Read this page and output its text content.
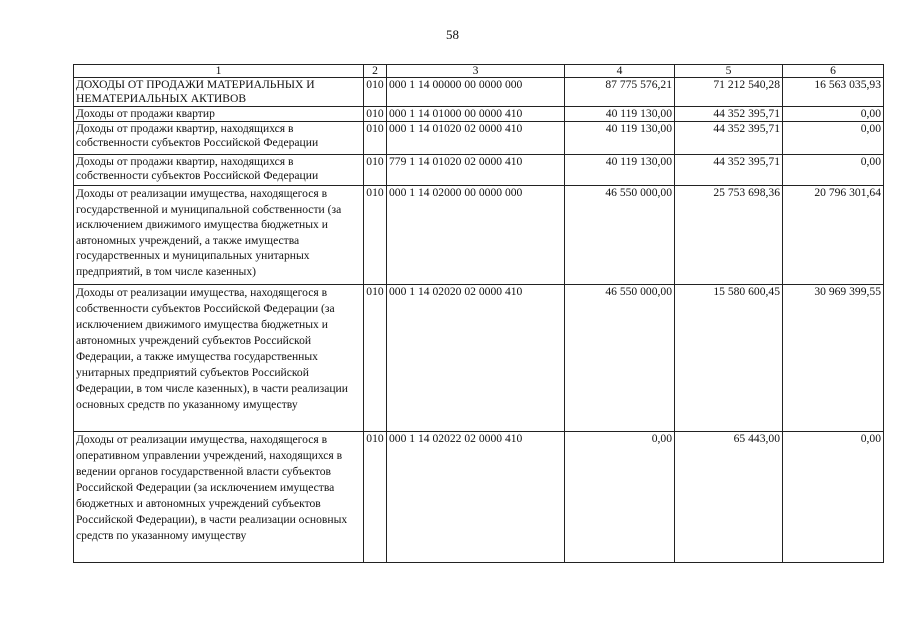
58
1	2	3	4	5	6
ДОХОДЫ ОТ ПРОДАЖИ МАТЕРИАЛЬНЫХ И НЕМАТЕРИАЛЬНЫХ АКТИВОВ	010	000 1 14 00000 00 0000 000	87 775 576,21	71 212 540,28	16 563 035,93
Доходы от продажи квартир	010	000 1 14 01000 00 0000 410	40 119 130,00	44 352 395,71	0,00
Доходы от продажи квартир, находящихся в собственности субъектов Российской Федерации	010	000 1 14 01020 02 0000 410	40 119 130,00	44 352 395,71	0,00
Доходы от продажи квартир, находящихся в собственности субъектов Российской Федерации	010	779 1 14 01020 02 0000 410	40 119 130,00	44 352 395,71	0,00
Доходы от реализации имущества, находящегося в государственной и муниципальной собственности (за исключением движимого имущества бюджетных и автономных учреждений, а также имущества государственных и муниципальных унитарных предприятий, в том числе казенных)	010	000 1 14 02000 00 0000 000	46 550 000,00	25 753 698,36	20 796 301,64
Доходы от реализации имущества, находящегося в собственности субъектов Российской Федерации (за исключением движимого имущества бюджетных и автономных учреждений субъектов Российской Федерации, а также имущества государственных унитарных предприятий субъектов Российской Федерации, в том числе казенных), в части реализации основных средств по указанному имуществу	010	000 1 14 02020 02 0000 410	46 550 000,00	15 580 600,45	30 969 399,55
Доходы от реализации имущества, находящегося в оперативном управлении учреждений, находящихся в ведении органов государственной власти субъектов Российской Федерации (за исключением имущества бюджетных и автономных учреждений субъектов Российской Федерации), в части реализации основных средств по указанному имуществу	010	000 1 14 02022 02 0000 410	0,00	65 443,00	0,00
